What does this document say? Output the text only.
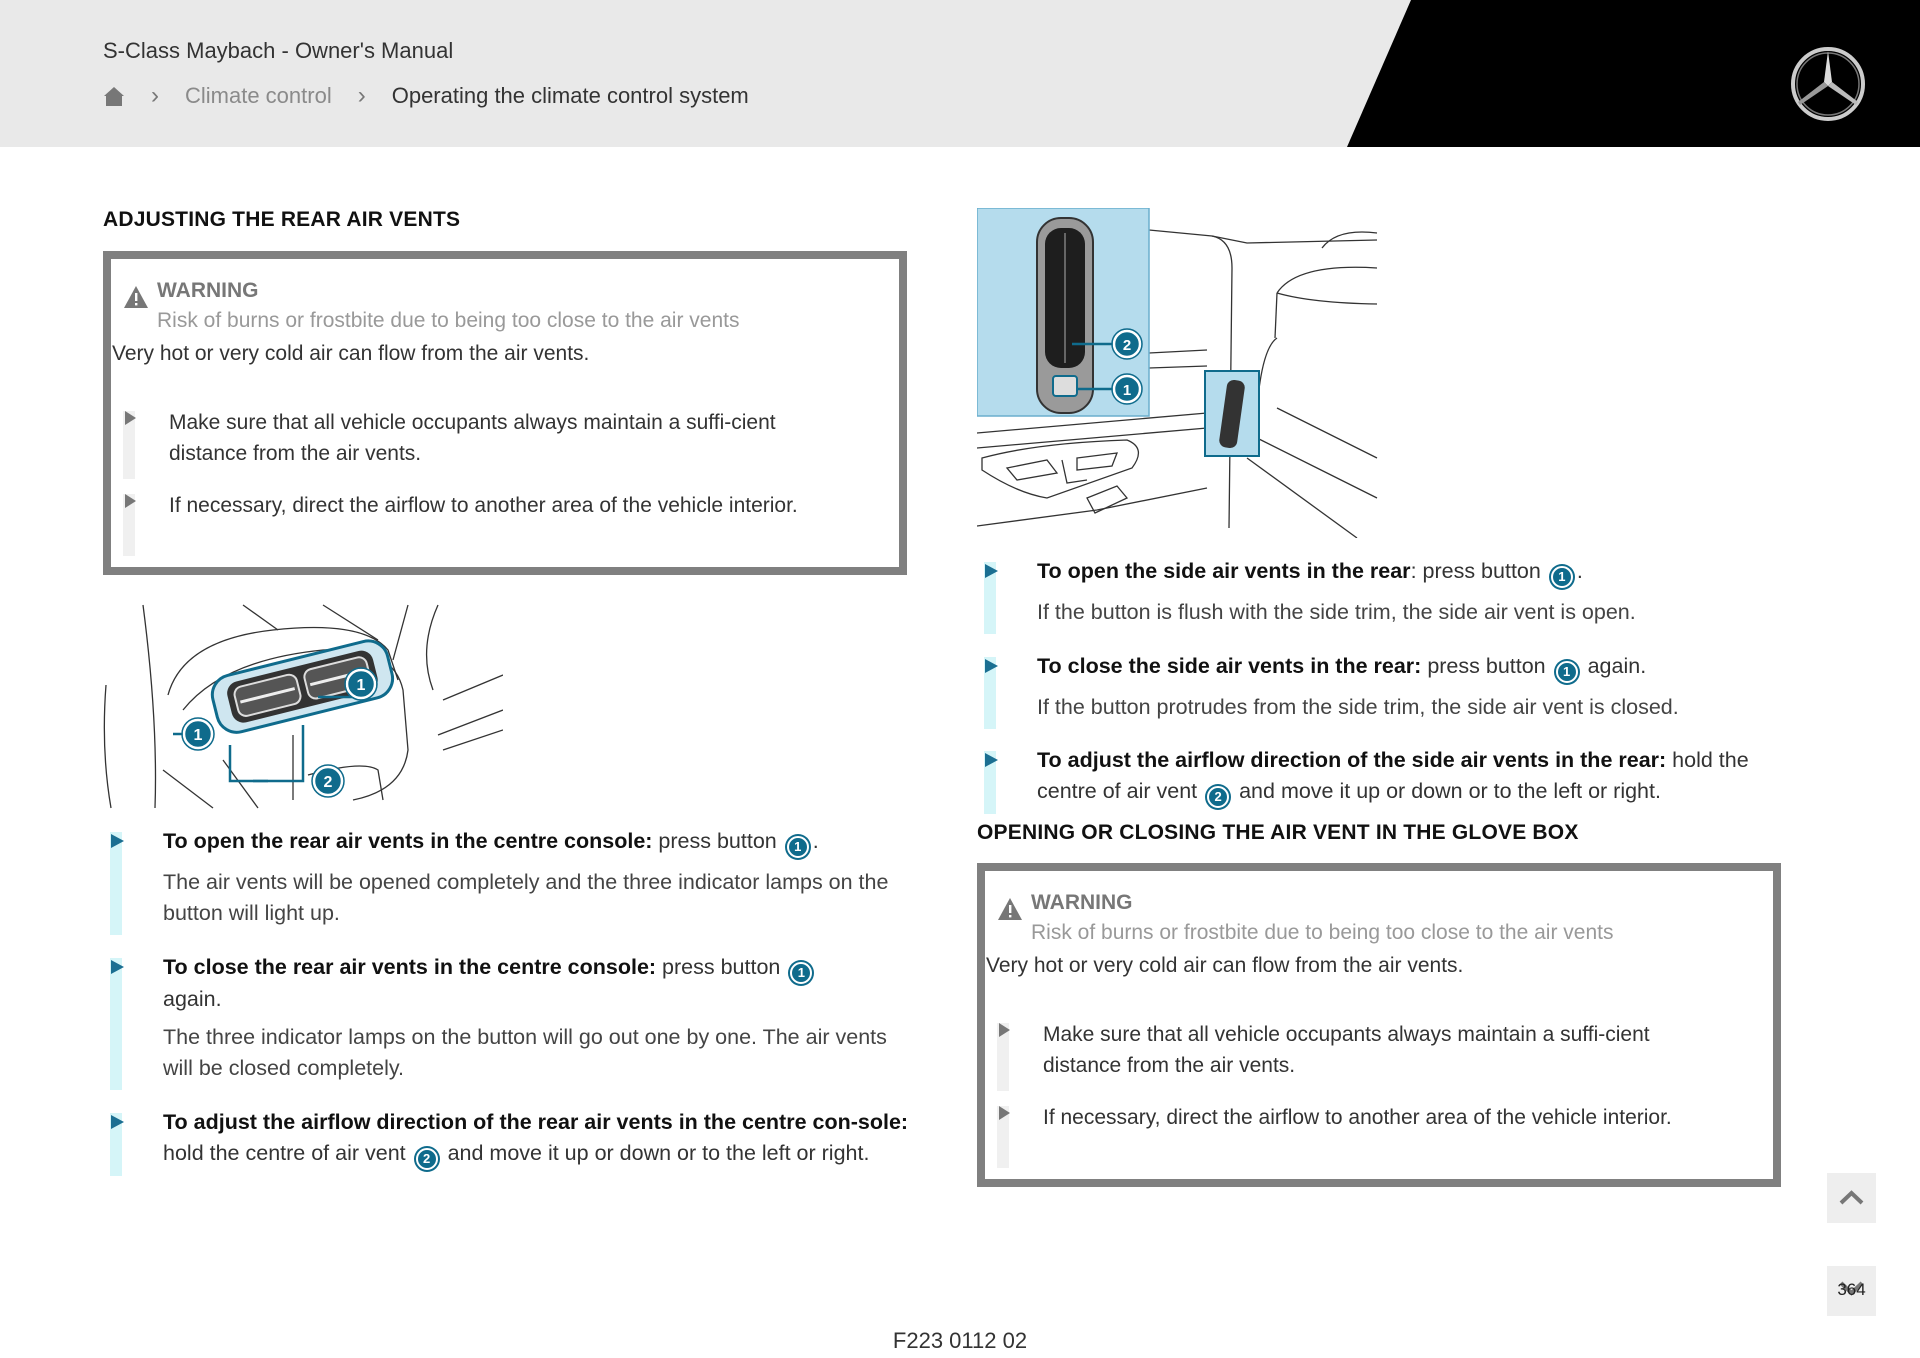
S-Class Maybach - Owner's Manual
› Climate control › Operating the climate control system
ADJUSTING THE REAR AIR VENTS
WARNING
Risk of burns or frostbite due to being too close to the air vents
Very hot or very cold air can flow from the air vents.
Make sure that all vehicle occupants always maintain a suffi-cient distance from the air vents.
If necessary, direct the airflow to another area of the vehicle interior.
1
1
2
To open the rear air vents in the centre console: press button 1 .
The air vents will be opened completely and the three indicator lamps on the button will light up.
To close the rear air vents in the centre console: press button 1 again.
The three indicator lamps on the button will go out one by one. The air vents will be closed completely.
To adjust the airflow direction of the rear air vents in the centre con-sole: hold the centre of air vent 2 and move it up or down or to the left or right.
2
1
To open the side air vents in the rear: press button 1 .
If the button is flush with the side trim, the side air vent is open.
To close the side air vents in the rear: press button 1 again.
If the button protrudes from the side trim, the side air vent is closed.
To adjust the airflow direction of the side air vents in the rear: hold the centre of air vent 2 and move it up or down or to the left or right.
OPENING OR CLOSING THE AIR VENT IN THE GLOVE BOX
WARNING
Risk of burns or frostbite due to being too close to the air vents
Very hot or very cold air can flow from the air vents.
Make sure that all vehicle occupants always maintain a suffi-cient distance from the air vents.
If necessary, direct the airflow to another area of the vehicle interior.
364
F223 0112 02
